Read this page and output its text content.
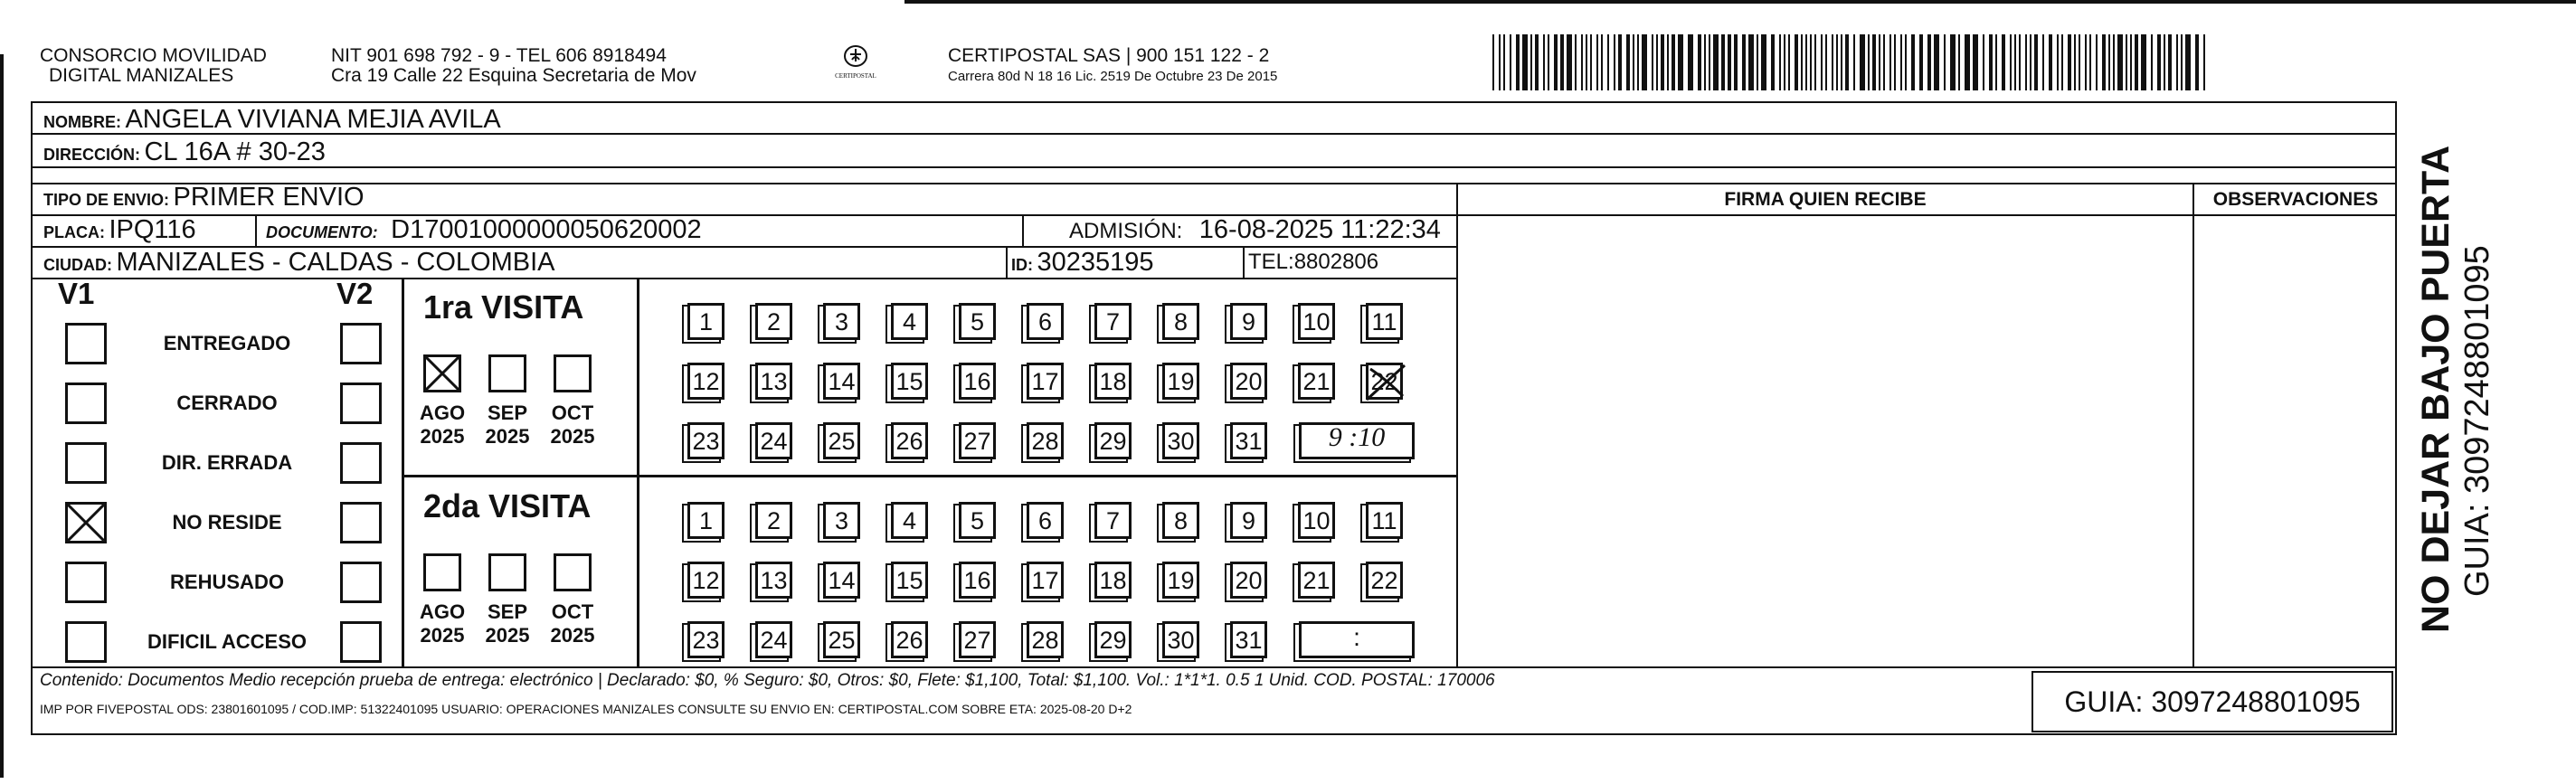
CONSORCIO MOVILIDAD
DIGITAL MANIZALES
NIT 901 698 792 - 9 - TEL 606 8918494
Cra 19 Calle 22 Esquina Secretaria de Mov	CERTIPOSTAL
CERTIPOSTAL SAS | 900 151 122 - 2
Carrera 80d N 18 16 Lic. 2519 De Octubre 23 De 2015
NOMBRE: ANGELA VIVIANA MEJIA AVILA
DIRECCIÓN: CL 16A # 30-23
TIPO DE ENVIO: PRIMER ENVIO
PLACA: IPQ116	DOCUMENTO: D17001000000050620002	ADMISIÓN: 16-08-2025 11:22:34
CIUDAD: MANIZALES - CALDAS - COLOMBIA	ID: 30235195	TEL:8802806
FIRMA QUIEN RECIBE	OBSERVACIONES
V1	V2
ENTREGADO
CERRADO
DIR. ERRADA
NO RESIDE
REHUSADO
DIFICIL ACCESO
1ra VISITA
AGO
2025
SEP
2025
OCT
2025
1	2	3	4	5	6	7	8	9	10 11
12 13 14 15 16 17 18 19 20 21 22
23 24 25 26 27 28 29 30 31	9 :10
2da VISITA
AGO
2025
SEP
2025
OCT
2025
1	2	3	4	5	6	7	8	9	10 11
12 13 14 15 16 17 18 19 20 21 22
23 24 25 26 27 28 29 30 31	:
Contenido: Documentos Medio recepción prueba de entrega: electrónico | Declarado: $0, % Seguro: $0, Otros: $0, Flete: $1,100, Total: $1,100. Vol.: 1*1*1. 0.5 1 Unid. COD. POSTAL: 170006
IMP POR FIVEPOSTAL ODS: 23801601095 / COD.IMP: 51322401095 USUARIO: OPERACIONES MANIZALES CONSULTE SU ENVIO EN: CERTIPOSTAL.COM SOBRE ETA: 2025-08-20 D+2	GUIA: 3097248801095
NO DEJAR BAJO PUERTA GUIA: 3097248801095
